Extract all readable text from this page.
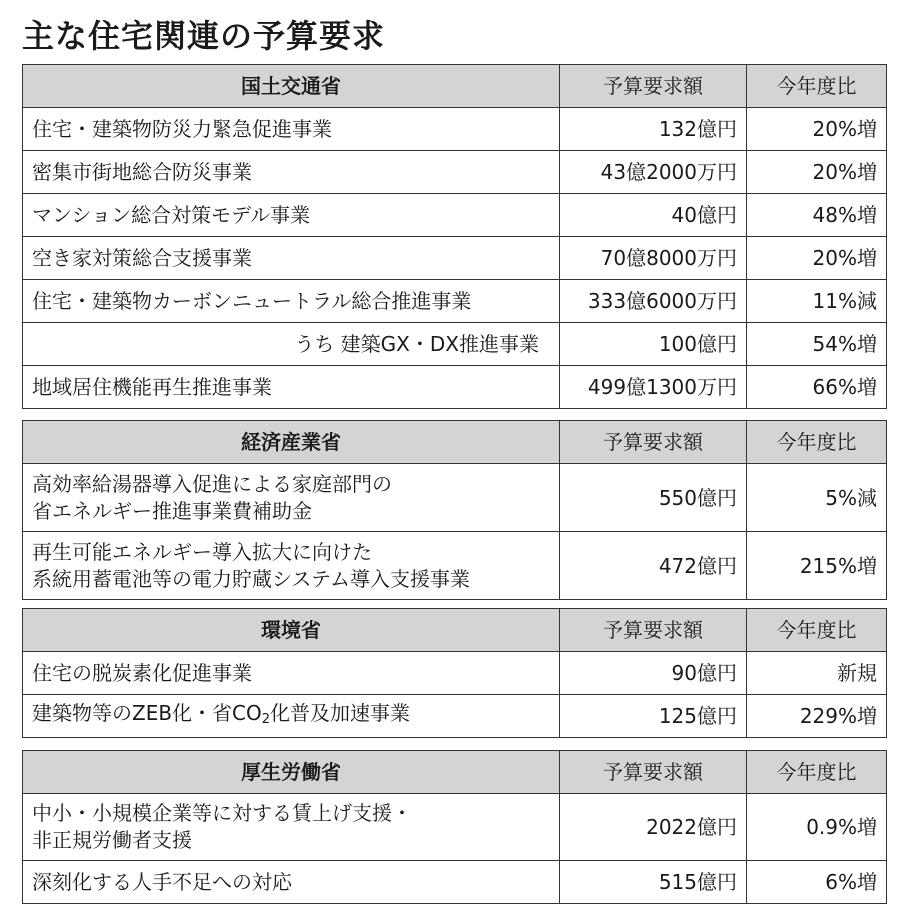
主な住宅関連の予算要求
国土交通省	予算要求額	今年度比
住宅・建築物防災力緊急促進事業	132億円	20%増
密集市街地総合防災事業	43億2000万円	20%増
マンション総合対策モデル事業	40億円	48%増
空き家対策総合支援事業	70億8000万円	20%増
住宅・建築物カーボンニュートラル総合推進事業	333億6000万円	11%減
うち 建築GX・DX推進事業	100億円	54%増
地域居住機能再生推進事業	499億1300万円	66%増
経済産業省	予算要求額	今年度比
高効率給湯器導入促進による家庭部門の
省エネルギー推進事業費補助金	550億円	5%減
再生可能エネルギー導入拡大に向けた
系統用蓄電池等の電力貯蔵システム導入支援事業	472億円	215%増
環境省	予算要求額	今年度比
住宅の脱炭素化促進事業	90億円	新規
建築物等のZEB化・省$CO_2$化普及加速事業	125億円	229%増
厚生労働省	予算要求額	今年度比
中小・小規模企業等に対する賃上げ支援・
非正規労働者支援	2022億円	0.9%増
深刻化する人手不足への対応	515億円	6%増
